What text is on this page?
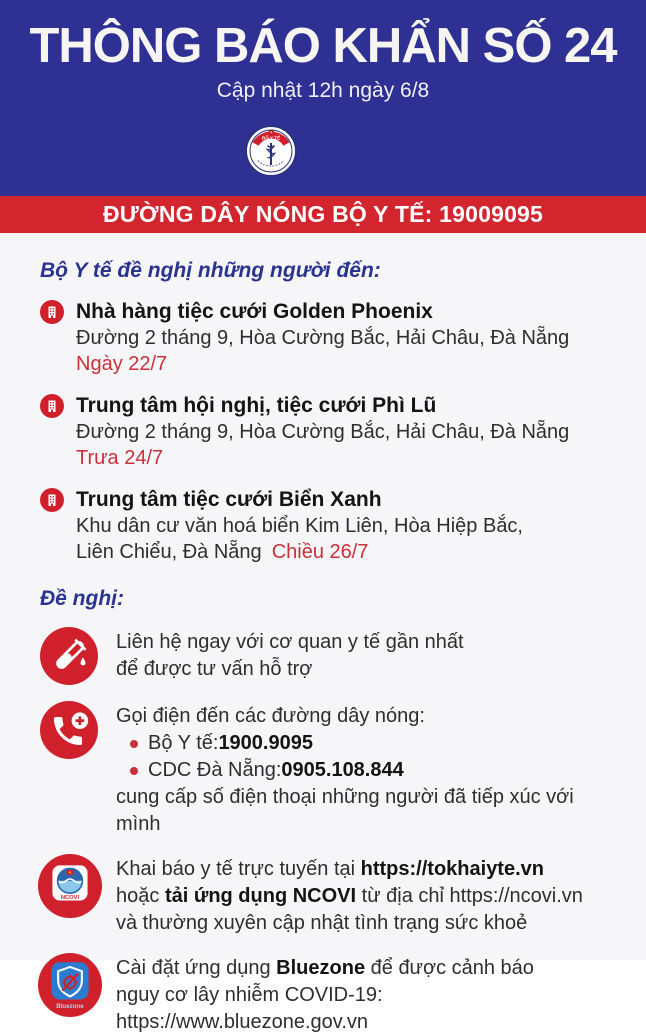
THÔNG BÁO KHẨN SỐ 24
Cập nhật 12h ngày 6/8
BỘ Y TẾ
ĐƯỜNG DÂY NÓNG BỘ Y TẾ: 19009095
Bộ Y tế đề nghị những người đến:
Nhà hàng tiệc cưới Golden Phoenix
Đường 2 tháng 9, Hòa Cường Bắc, Hải Châu, Đà Nẵng
Ngày 22/7
Trung tâm hội nghị, tiệc cưới Phì Lũ
Đường 2 tháng 9, Hòa Cường Bắc, Hải Châu, Đà Nẵng
Trưa 24/7
Trung tâm tiệc cưới Biển Xanh
Khu dân cư văn hoá biển Kim Liên, Hòa Hiệp Bắc,
Liên Chiểu, Đà Nẵng Chiều 26/7
Đề nghị:
Liên hệ ngay với cơ quan y tế gần nhất
để được tư vấn hỗ trợ
Gọi điện đến các đường dây nóng:
Bộ Y tế: 1900.9095
CDC Đà Nẵng: 0905.108.844
cung cấp số điện thoại những người đã tiếp xúc với mình
NCOVI
Khai báo y tế trực tuyến tại https://tokhaiyte.vn
hoặc tải ứng dụng NCOVI từ địa chỉ https://ncovi.vn
và thường xuyên cập nhật tình trạng sức khoẻ
Bluezone
Cài đặt ứng dụng Bluezone để được cảnh báo
nguy cơ lây nhiễm COVID-19: https://www.bluezone.gov.vn
